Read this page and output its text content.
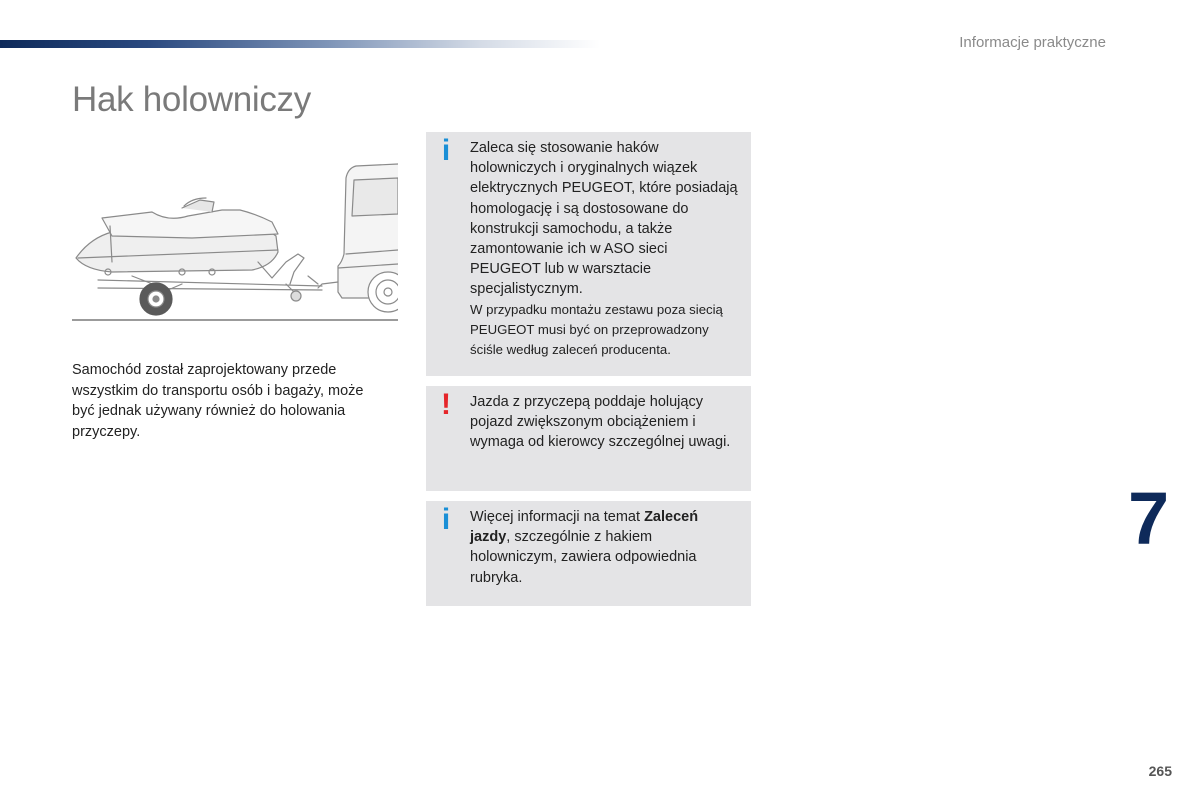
Informacje praktyczne
Hak holowniczy

Samochód został zaprojektowany przede wszystkim do transportu osób i bagaży, może być jednak używany również do holowania przyczepy.

i	Zaleca się stosowanie haków holowniczych i oryginalnych wiązek elektrycznych PEUGEOT, które posiadają homologację i są dostosowane do konstrukcji samochodu, a także zamontowanie ich w ASO sieci PEUGEOT lub w warsztacie specjalistycznym.

W przypadku montażu zestawu poza siecią PEUGEOT musi być on przeprowadzony ściśle według zaleceń producenta.

!	Jazda z przyczepą poddaje holujący pojazd zwiększonym obciążeniem i wymaga od kierowcy szczególnej uwagi.

i	Więcej informacji na temat Zaleceń jazdy, szczególnie z hakiem holowniczym, zawiera odpowiednia rubryka.

7
265
